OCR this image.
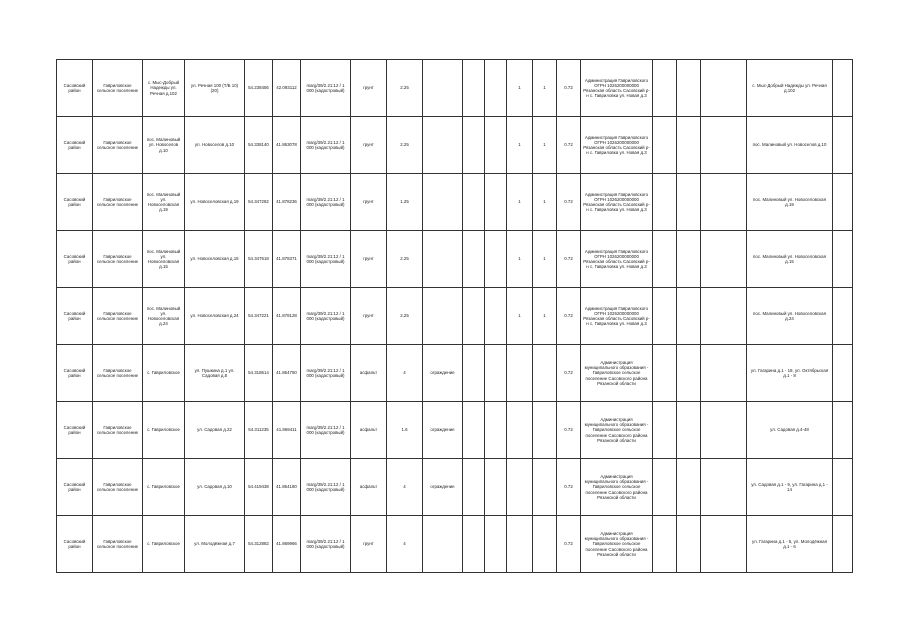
Сасовский район	Гавриловское сельское поселение	с. Мыс-Добрый Надежды ул. Речная д.102	ул. Речная 100 (Т/Б 10) (20)	54.238456	42.093112	marg/39/2.21:12 / 1 000 (кадастровый)	грунт	2.25				1	1	0.72	Администрация Гавриловского ОГРН 1026200000000 Рязанская область Сасовский р-н с. Гавриловка ул. Новая д.3				с. Мыс-Добрый Надежды ул. Речная д.102	
Сасовский район	Гавриловское сельское поселение	пос. Малиновый ул. Новоселов д.10	ул. Новоселов д.10	54.338140	41.863078	marg/39/2.21:12 / 1 000 (кадастровый)	грунт	2.25				1	1	0.72	Администрация Гавриловского ОГРН 1026200000000 Рязанская область Сасовский р-н с. Гавриловка ул. Новая д.3				пос. Малиновый ул. Новоселов д.10	
Сасовский район	Гавриловское сельское поселение	пос. Малиновый ул. Новоселовская д.19	ул. Новоселовская д.19	54.347282	41.878236	marg/39/2.21:12 / 1 000 (кадастровый)	грунт	1.25				1	1	0.72	Администрация Гавриловского ОГРН 1026200000000 Рязанская область Сасовский р-н с. Гавриловка ул. Новая д.3				пос. Малиновый ул. Новоселовская д.19	
Сасовский район	Гавриловское сельское поселение	пос. Малиновый ул. Новоселовская д.15	ул. Новоселовская д.15	54.347618	41.878371	marg/39/2.21:12 / 1 000 (кадастровый)	грунт	2.25				1	1	0.72	Администрация Гавриловского ОГРН 1026200000000 Рязанская область Сасовский р-н с. Гавриловка ул. Новая д.3				пос. Малиновый ул. Новоселовская д.15	
Сасовский район	Гавриловское сельское поселение	пос. Малиновый ул. Новоселовская д.24	ул. Новоселовская д.24	54.347221	41.878128	marg/39/2.21:12 / 1 000 (кадастровый)	грунт	2.25				1	1	0.72	Администрация Гавриловского ОГРН 1026200000000 Рязанская область Сасовский р-н с. Гавриловка ул. Новая д.3				пос. Малиновый ул. Новоселовская д.24	
Сасовский район	Гавриловское сельское поселение	с. Гавриловское	ул. Пушкина д.1 ул. Садовая д.8	54.318614	41.864750	marg/39/2.21:12 / 1 000 (кадастровый)	асфальт	4	ограждение					0.72	Администрация муниципального образования - Гавриловское сельское поселение Сасовского района Рязанской области				ул. Гагарина д.1 - 19, ул. Октябрьская д.1 - 8	
Сасовский район	Гавриловское сельское поселение	с. Гавриловское	ул. Садовая д.22	54.311235	41.869411	marg/39/2.21:12 / 1 000 (кадастровый)	асфальт	1.6	ограждение					0.72	Администрация муниципального образования - Гавриловское сельское поселение Сасовского района Рязанской области				ул. Садовая д.4-48	
Сасовский район	Гавриловское сельское поселение	с. Гавриловское	ул. Садовая д.10	54.419438	41.864180	marg/39/2.21:12 / 1 000 (кадастровый)	асфальт	4	ограждение					0.72	Администрация муниципального образования - Гавриловское сельское поселение Сасовского района Рязанской области				ул. Садовая д.1 - 9, ул. Гагарина д.1 - 14	
Сасовский район	Гавриловское сельское поселение	с. Гавриловское	ул. Молодёжная д.7	54.312882	41.869966	marg/39/2.21:12 / 1 000 (кадастровый)	грунт	4						0.72	Администрация муниципального образования - Гавриловское сельское поселение Сасовского района Рязанской области				ул. Гагарина д.1 - 5, ул. Молодёжная д.1 - 6	
